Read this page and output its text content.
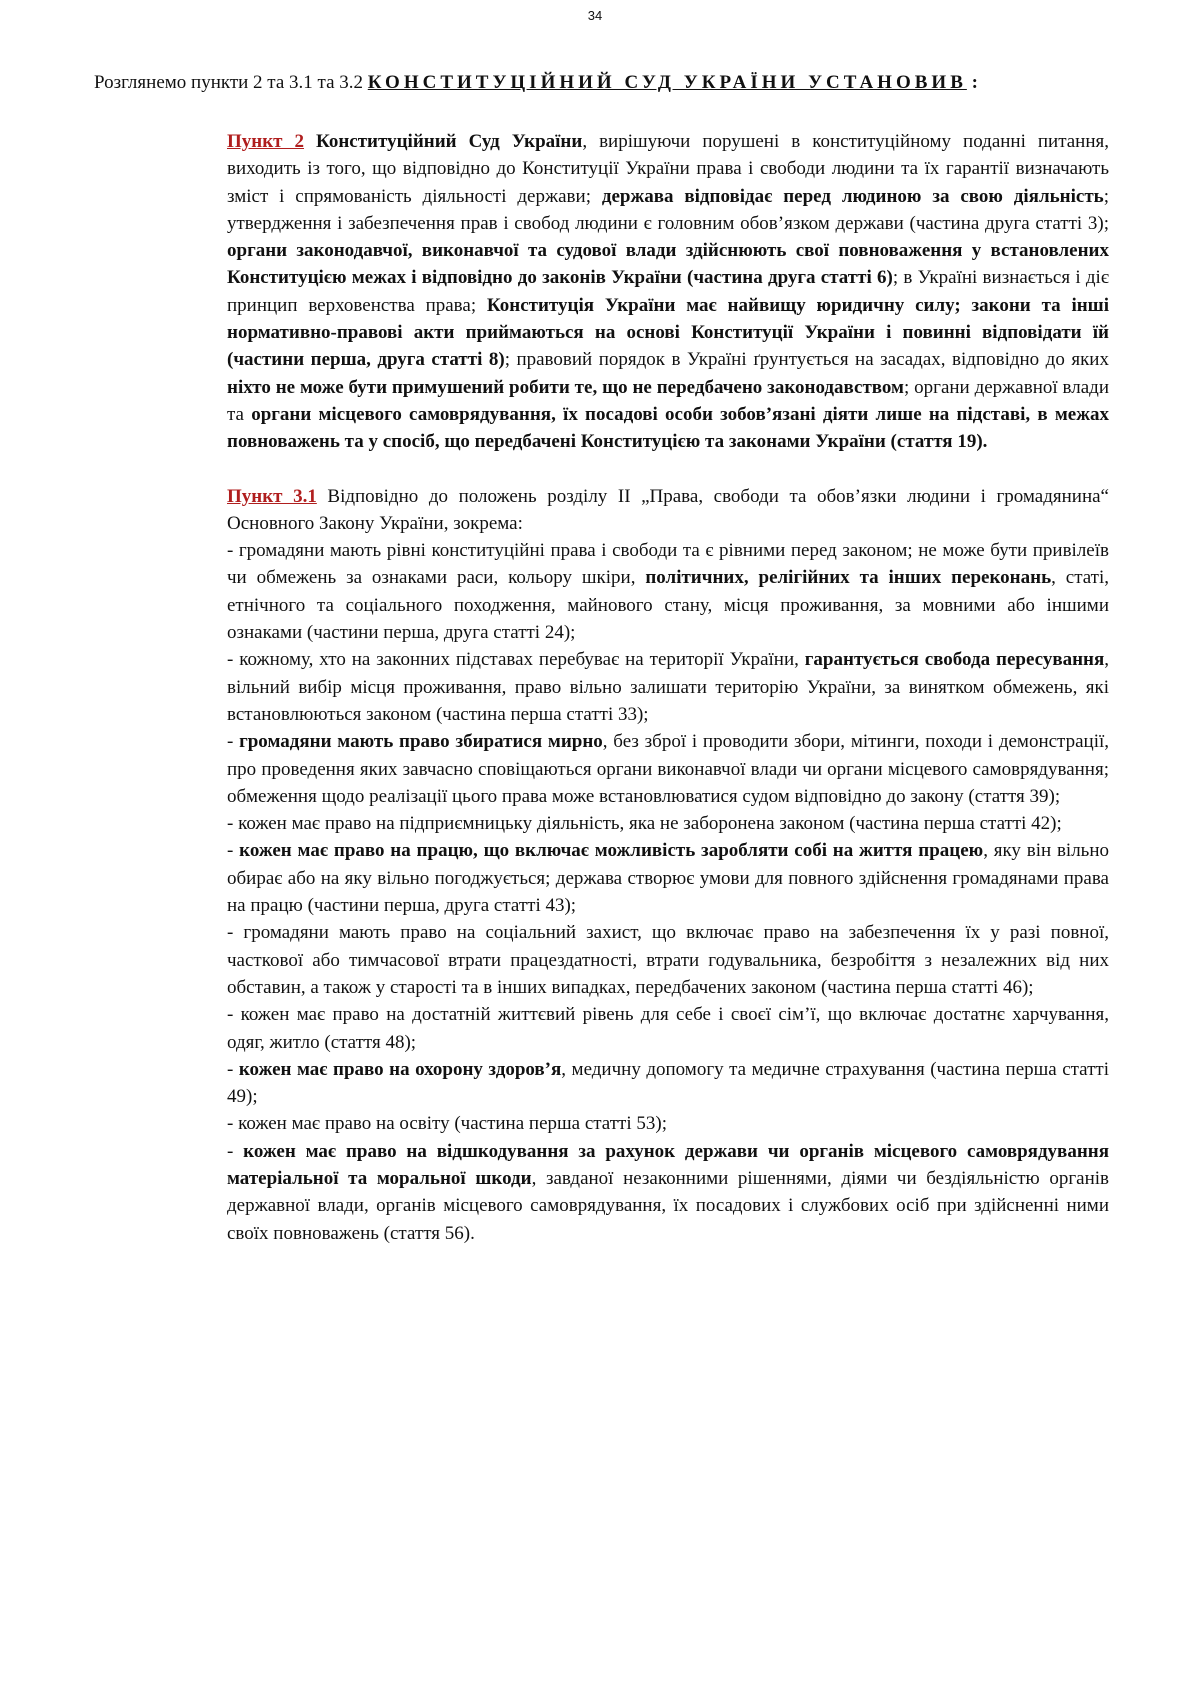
34
Розглянемо пункти 2 та 3.1 та 3.2 КОНСТИТУЦІЙНИЙ СУД УКРАЇНИ УСТАНОВИВ :

Пункт 2 Конституційний Суд України, вирішуючи порушені в конституційному поданні питання, виходить із того, що відповідно до Конституції України права і свободи людини та їх гарантії визначають зміст і спрямованість діяльності держави; держава відповідає перед людиною за свою діяльність; утвердження і забезпечення прав і свобод людини є головним обов’язком держави (частина друга статті 3); органи законодавчої, виконавчої та судової влади здійснюють свої повноваження у встановлених Конституцією межах і відповідно до законів України (частина друга статті 6); в Україні визнається і діє принцип верховенства права; Конституція України має найвищу юридичну силу; закони та інші нормативно-правові акти приймаються на основі Конституції України і повинні відповідати їй (частини перша, друга статті 8); правовий порядок в Україні ґрунтується на засадах, відповідно до яких ніхто не може бути примушений робити те, що не передбачено законодавством; органи державної влади та органи місцевого самоврядування, їх посадові особи зобов’язані діяти лише на підставі, в межах повноважень та у спосіб, що передбачені Конституцією та законами України (стаття 19).

Пункт 3.1 Відповідно до положень розділу II „Права, свободи та обов’язки людини і громадянина“ Основного Закону України, зокрема:

- громадяни мають рівні конституційні права і свободи та є рівними перед законом; не може бути привілеїв чи обмежень за ознаками раси, кольору шкіри, політичних, релігійних та інших переконань, статі, етнічного та соціального походження, майнового стану, місця проживання, за мовними або іншими ознаками (частини перша, друга статті 24);

- кожному, хто на законних підставах перебуває на території України, гарантується свобода пересування, вільний вибір місця проживання, право вільно залишати територію України, за винятком обмежень, які встановлюються законом (частина перша статті 33);

- громадяни мають право збиратися мирно, без зброї і проводити збори, мітинги, походи і демонстрації, про проведення яких завчасно сповіщаються органи виконавчої влади чи органи місцевого самоврядування; обмеження щодо реалізації цього права може встановлюватися судом відповідно до закону (стаття 39);

- кожен має право на підприємницьку діяльність, яка не заборонена законом (частина перша статті 42);

- кожен має право на працю, що включає можливість заробляти собі на життя працею, яку він вільно обирає або на яку вільно погоджується; держава створює умови для повного здійснення громадянами права на працю (частини перша, друга статті 43);

- громадяни мають право на соціальний захист, що включає право на забезпечення їх у разі повної, часткової або тимчасової втрати працездатності, втрати годувальника, безробіття з незалежних від них обставин, а також у старості та в інших випадках, передбачених законом (частина перша статті 46);

- кожен має право на достатній життєвий рівень для себе і своєї сім’ї, що включає достатнє харчування, одяг, житло (стаття 48);

- кожен має право на охорону здоров’я, медичну допомогу та медичне страхування (частина перша статті 49);

- кожен має право на освіту (частина перша статті 53);

- кожен має право на відшкодування за рахунок держави чи органів місцевого самоврядування матеріальної та моральної шкоди, завданої незаконними рішеннями, діями чи бездіяльністю органів державної влади, органів місцевого самоврядування, їх посадових і службових осіб при здійсненні ними своїх повноважень (стаття 56).
